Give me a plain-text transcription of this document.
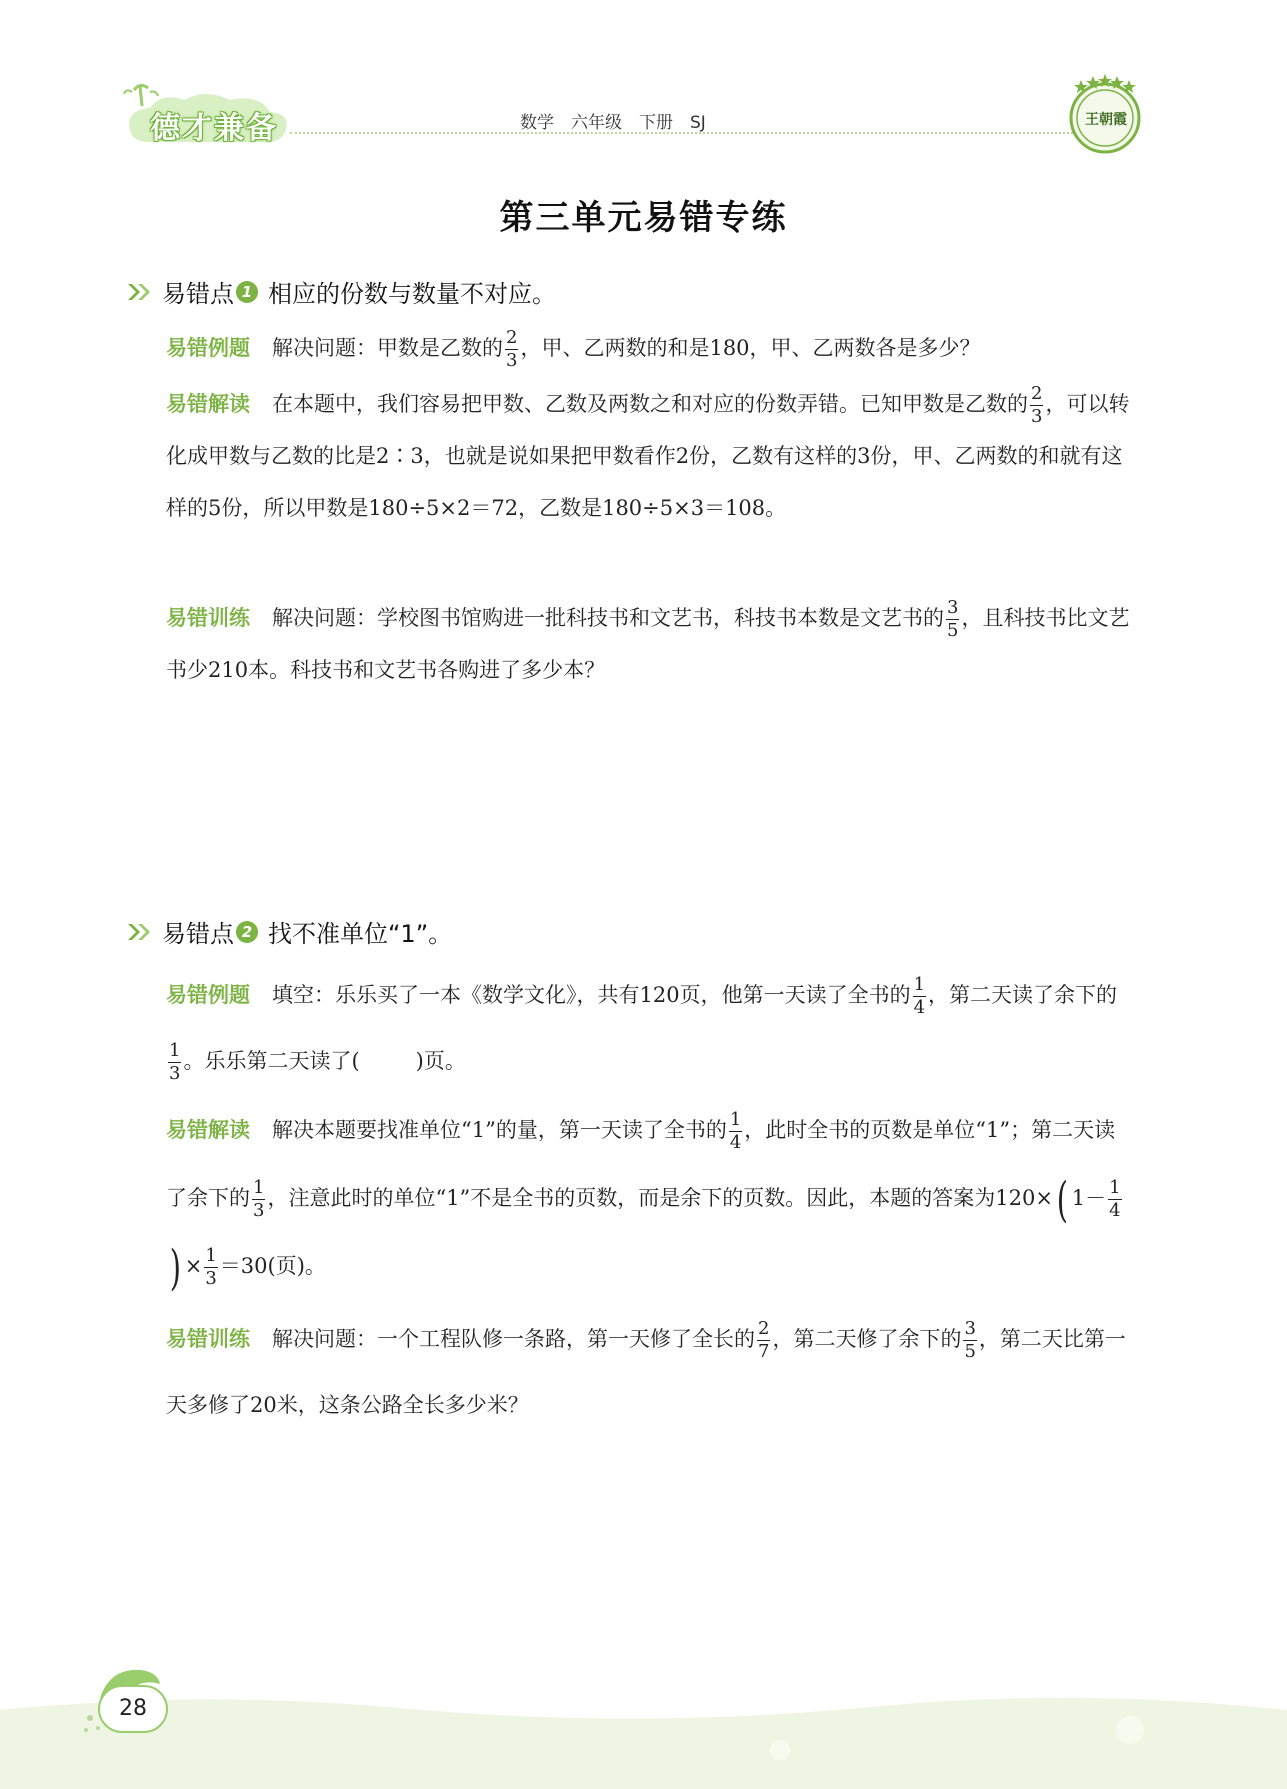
德才兼备	数学　六年级　下册　SJ	王朝霞
第三单元易错专练
易错点 1 相应的份数与数量不对应。
易错例题 解决问题：甲数是乙数的 $\frac{2}{3}$ ，甲、乙两数的和是180，甲、乙两数各是多少？
易错解读 在本题中，我们容易把甲数、乙数及两数之和对应的份数弄错。已知甲数是乙数的 $\frac{2}{3}$ ，可以转化成甲数与乙数的比是2∶3，也就是说如果把甲数看作2份，乙数有这样的3份，甲、乙两数的和就有这样的5份，所以甲数是180÷5×2＝72，乙数是180÷5×3＝108。
易错训练 解决问题：学校图书馆购进一批科技书和文艺书，科技书本数是文艺书的 $\frac{3}{5}$ ，且科技书比文艺书少210本。科技书和文艺书各购进了多少本？
易错点 2 找不准单位“1”。
易错例题 填空：乐乐买了一本《数学文化》，共有120页，他第一天读了全书的 $\frac{1}{4}$ ，第二天读了余下的
$\frac{1}{3}$ 。乐乐第二天读了(	)页。
易错解读 解决本题要找准单位“1”的量，第一天读了全书的 $\frac{1}{4}$ ，此时全书的页数是单位“1”；第二天读了余下的 $\frac{1}{3}$ ，注意此时的单位“1”不是全书的页数，而是余下的页数。因此，本题的答案为120×( $1- \frac{1}{4}$
) × $\frac{1}{3} =30$(页)。
易错训练 解决问题：一个工程队修一条路，第一天修了全长的 $\frac{2}{7}$ ，第二天修了余下的 $\frac{3}{5}$ ，第二天比第一天多修了20米，这条公路全长多少米？
28
